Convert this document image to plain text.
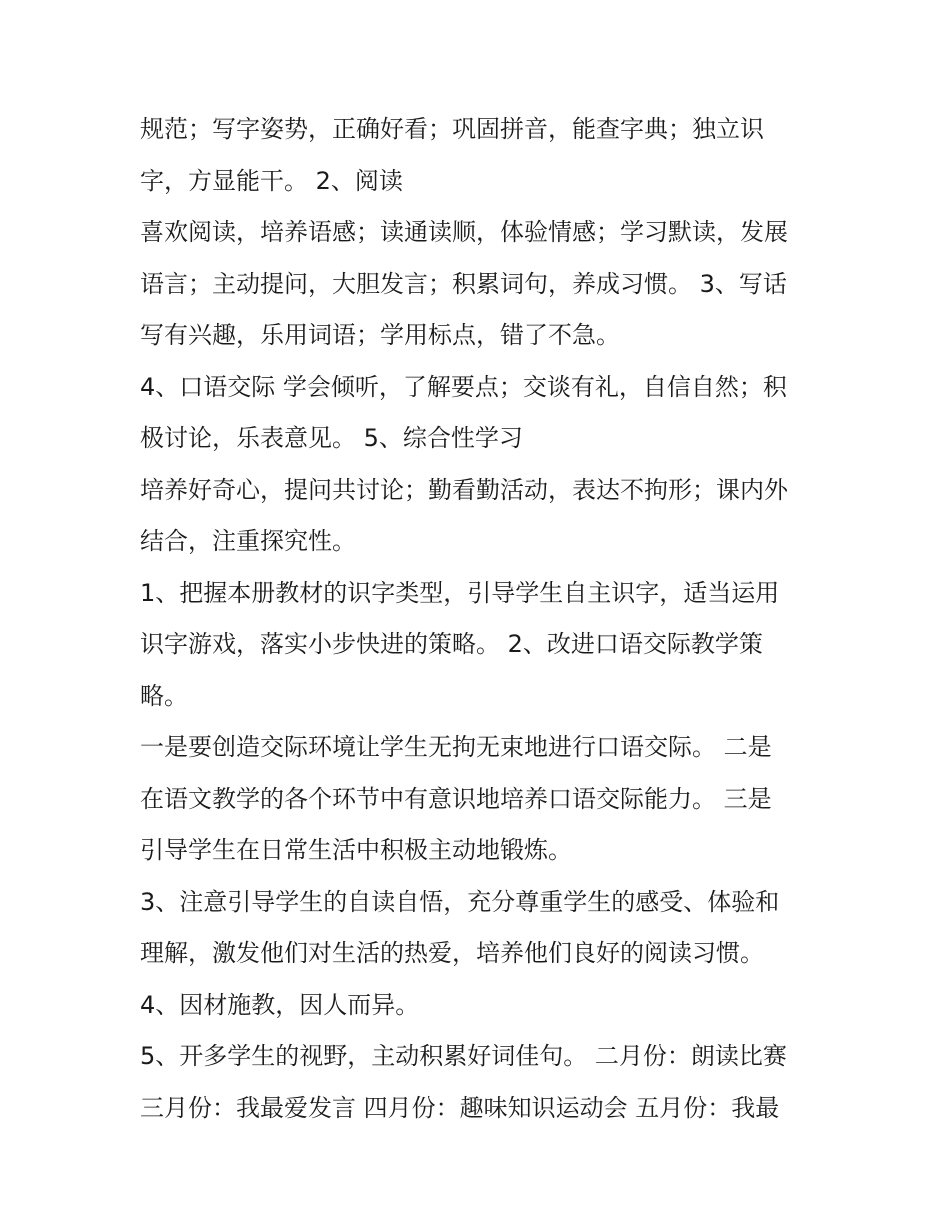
规范；写字姿势，正确好看；巩固拼音，能查字典；独立识
字，方显能干。 2、阅读
喜欢阅读，培养语感；读通读顺，体验情感；学习默读，发展
语言；主动提问，大胆发言；积累词句，养成习惯。 3、写话
写有兴趣，乐用词语；学用标点，错了不急。
4、口语交际 学会倾听，了解要点；交谈有礼，自信自然；积
极讨论，乐表意见。 5、综合性学习
培养好奇心，提问共讨论；勤看勤活动，表达不拘形；课内外
结合，注重探究性。
1、把握本册教材的识字类型，引导学生自主识字，适当运用
识字游戏，落实小步快进的策略。 2、改进口语交际教学策
略。
一是要创造交际环境让学生无拘无束地进行口语交际。 二是
在语文教学的各个环节中有意识地培养口语交际能力。 三是
引导学生在日常生活中积极主动地锻炼。
3、注意引导学生的自读自悟，充分尊重学生的感受、体验和
理解，激发他们对生活的热爱，培养他们良好的阅读习惯。
4、因材施教，因人而异。
5、开多学生的视野，主动积累好词佳句。 二月份：朗读比赛
三月份：我最爱发言 四月份：趣味知识运动会 五月份：我最
